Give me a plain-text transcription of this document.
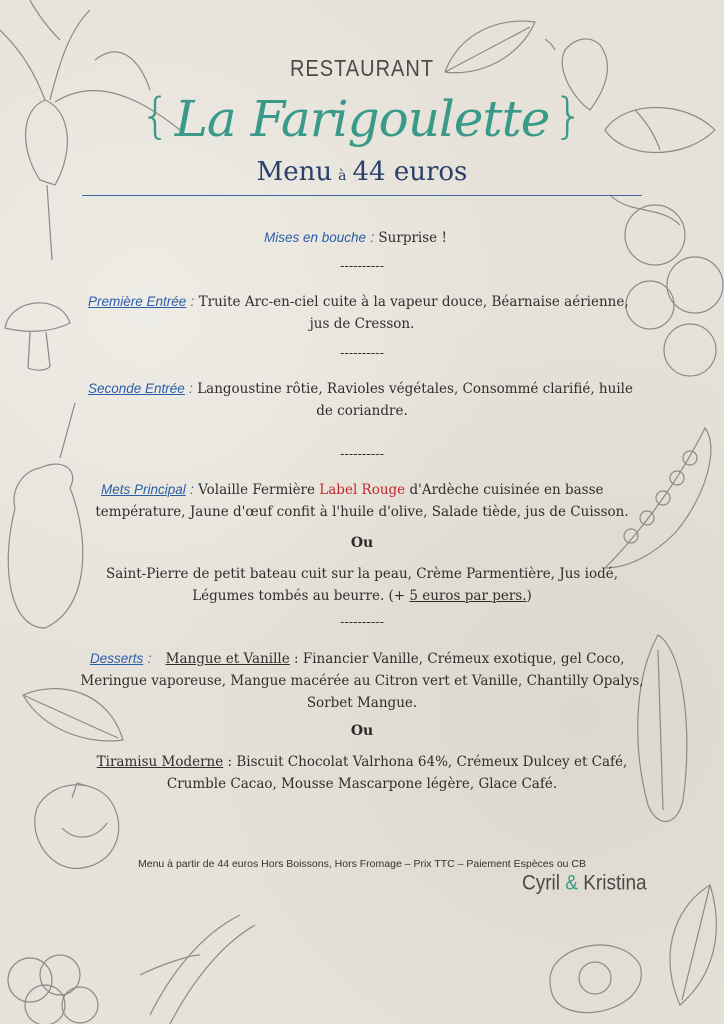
RESTAURANT
{La Farigoulette}
Menu à 44 euros
Mises en bouche : Surprise !
----------
Première Entrée : Truite Arc-en-ciel cuite à la vapeur douce, Béarnaise aérienne,
jus de Cresson.
----------
Seconde Entrée : Langoustine rôtie, Ravioles végétales, Consommé clarifié, huile
de coriandre.
----------
Mets Principal : Volaille Fermière Label Rouge d'Ardèche cuisinée en basse
température, Jaune d'œuf confit à l'huile d'olive, Salade tiède, jus de Cuisson.
Ou
Saint-Pierre de petit bateau cuit sur la peau, Crème Parmentière, Jus iodé,
Légumes tombés au beurre. (+ 5 euros par pers.)
----------
Desserts : Mangue et Vanille : Financier Vanille, Crémeux exotique, gel Coco,
Meringue vaporeuse, Mangue macérée au Citron vert et Vanille, Chantilly Opalys,
Sorbet Mangue.
Ou
Tiramisu Moderne : Biscuit Chocolat Valrhona 64%, Crémeux Dulcey et Café,
Crumble Cacao, Mousse Mascarpone légère, Glace Café.
Menu à partir de 44 euros Hors Boissons, Hors Fromage – Prix TTC – Paiement Espèces ou CB
Cyril & Kristina
